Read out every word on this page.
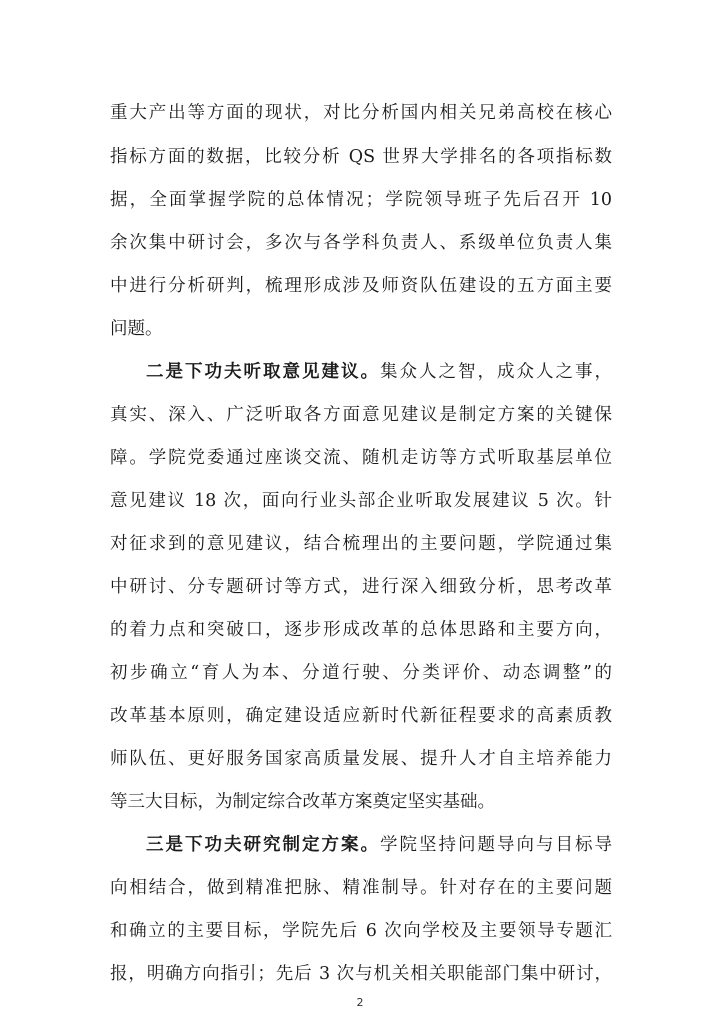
重大产出等方面的现状，对比分析国内相关兄弟高校在核心
指标方面的数据，比较分析 QS 世界大学排名的各项指标数
据，全面掌握学院的总体情况；学院领导班子先后召开 10
余次集中研讨会，多次与各学科负责人、系级单位负责人集
中进行分析研判，梳理形成涉及师资队伍建设的五方面主要
问题。
二是下功夫听取意见建议。集众人之智，成众人之事，
真实、深入、广泛听取各方面意见建议是制定方案的关键保
障。学院党委通过座谈交流、随机走访等方式听取基层单位
意见建议 18 次，面向行业头部企业听取发展建议 5 次。针
对征求到的意见建议，结合梳理出的主要问题，学院通过集
中研讨、分专题研讨等方式，进行深入细致分析，思考改革
的着力点和突破口，逐步形成改革的总体思路和主要方向，
初步确立“育人为本、分道行驶、分类评价、动态调整”的
改革基本原则，确定建设适应新时代新征程要求的高素质教
师队伍、更好服务国家高质量发展、提升人才自主培养能力
等三大目标，为制定综合改革方案奠定坚实基础。
三是下功夫研究制定方案。学院坚持问题导向与目标导
向相结合，做到精准把脉、精准制导。针对存在的主要问题
和确立的主要目标，学院先后 6 次向学校及主要领导专题汇
报，明确方向指引；先后 3 次与机关相关职能部门集中研讨，
2
